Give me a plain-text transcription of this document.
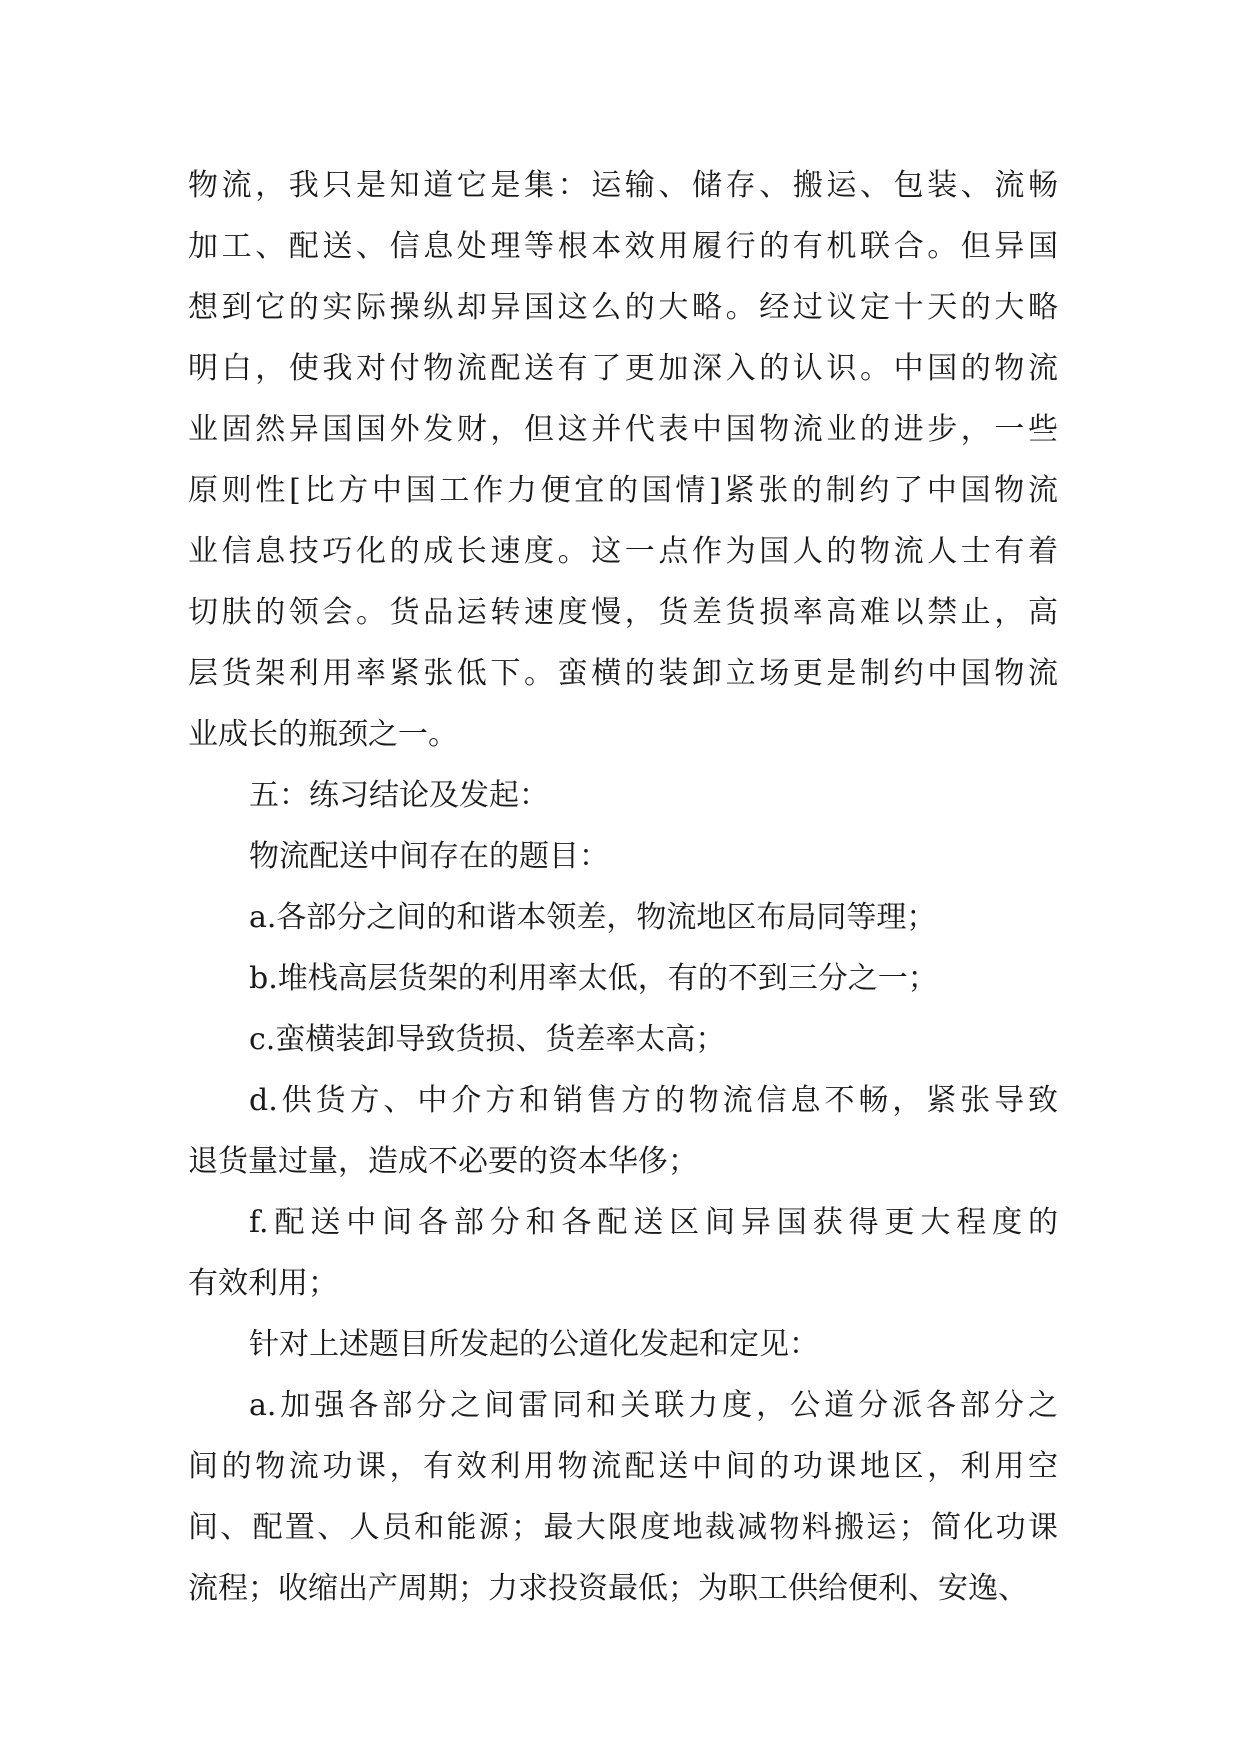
物流，我只是知道它是集：运输、储存、搬运、包装、流畅
加工、配送、信息处理等根本效用履行的有机联合。但异国
想到它的实际操纵却异国这么的大略。经过议定十天的大略
明白，使我对付物流配送有了更加深入的认识。中国的物流
业固然异国国外发财，但这并代表中国物流业的进步，一些
原则性[比方中国工作力便宜的国情]紧张的制约了中国物流
业信息技巧化的成长速度。这一点作为国人的物流人士有着
切肤的领会。货品运转速度慢，货差货损率高难以禁止，高
层货架利用率紧张低下。蛮横的装卸立场更是制约中国物流
业成长的瓶颈之一。
五：练习结论及发起：
物流配送中间存在的题目：
a.各部分之间的和谐本领差，物流地区布局同等理；
b.堆栈高层货架的利用率太低，有的不到三分之一；
c.蛮横装卸导致货损、货差率太高；
d.供货方、中介方和销售方的物流信息不畅，紧张导致
退货量过量，造成不必要的资本华侈；
f.配送中间各部分和各配送区间异国获得更大程度的
有效利用；
针对上述题目所发起的公道化发起和定见：
a.加强各部分之间雷同和关联力度，公道分派各部分之
间的物流功课，有效利用物流配送中间的功课地区，利用空
间、配置、人员和能源；最大限度地裁减物料搬运；简化功课
流程；收缩出产周期；力求投资最低；为职工供给便利、安逸、
